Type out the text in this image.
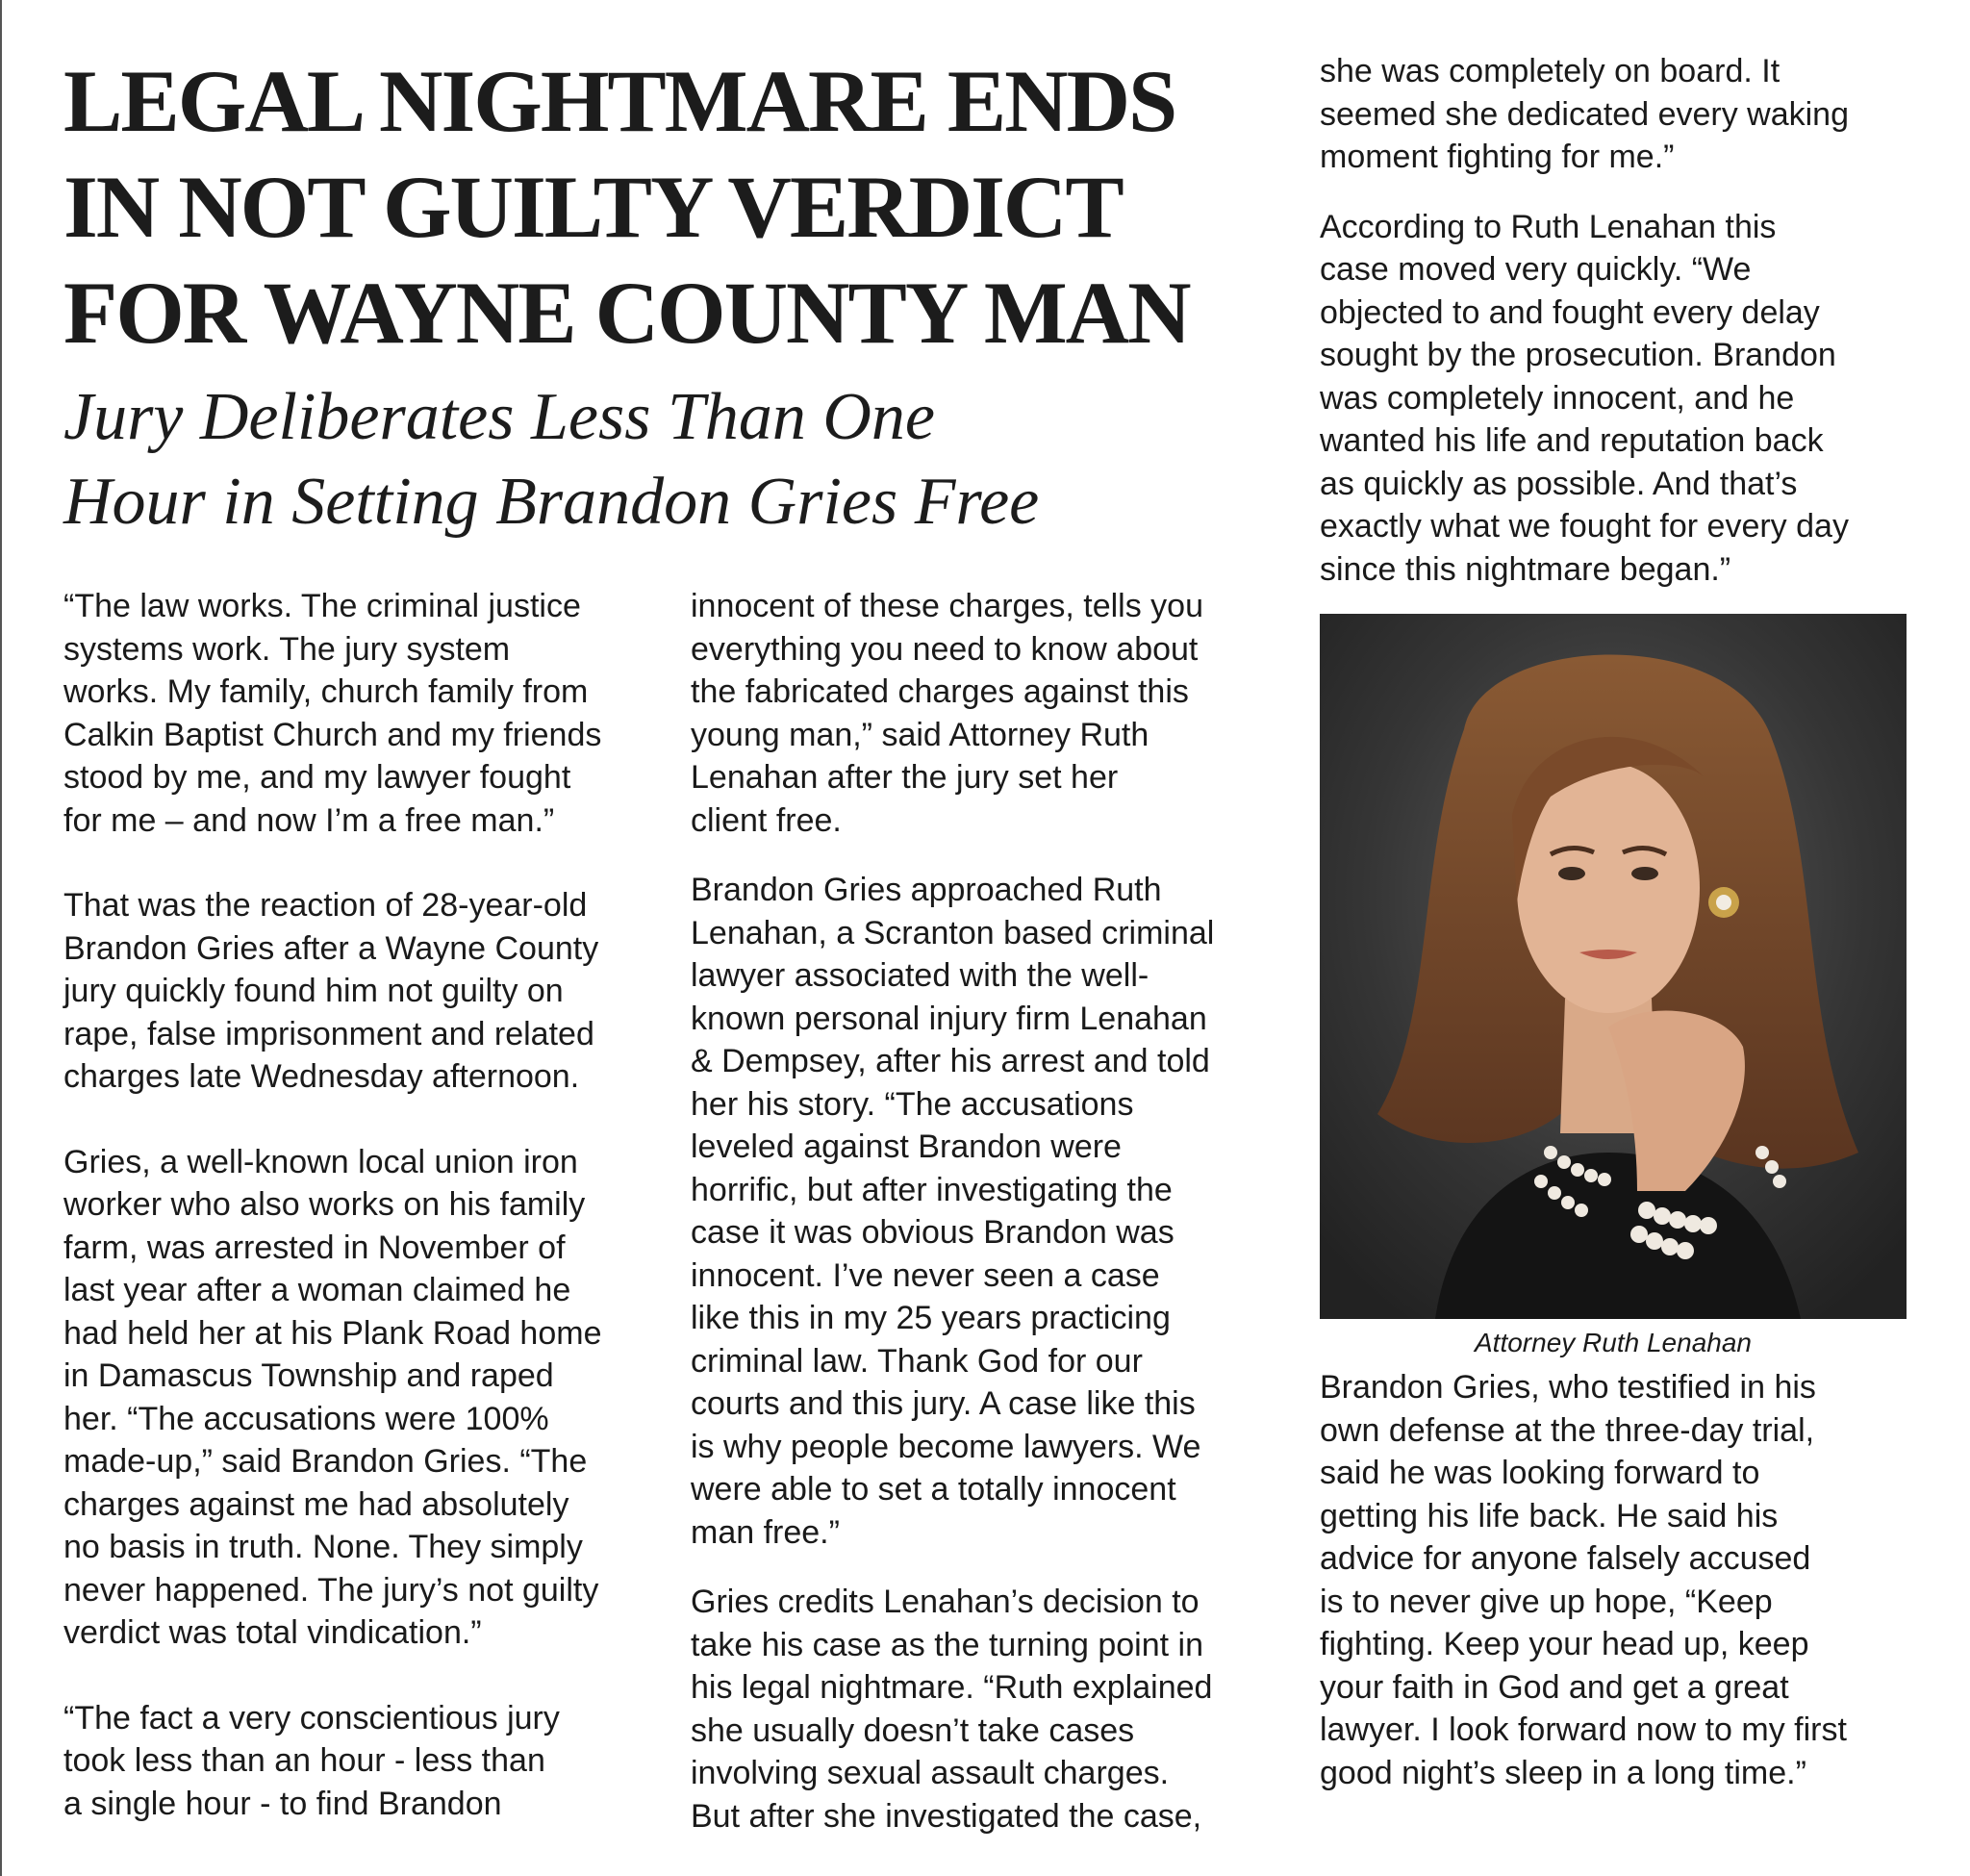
LEGAL NIGHTMARE ENDS
IN NOT GUILTY VERDICT
FOR WAYNE COUNTY MAN
Jury Deliberates Less Than One
Hour in Setting Brandon Gries Free

“The law works. The criminal justice
systems work. The jury system
works. My family, church family from
Calkin Baptist Church and my friends
stood by me, and my lawyer fought
for me – and now I’m a free man.”

That was the reaction of 28-year-old
Brandon Gries after a Wayne County
jury quickly found him not guilty on
rape, false imprisonment and related
charges late Wednesday afternoon.

Gries, a well-known local union iron
worker who also works on his family
farm, was arrested in November of
last year after a woman claimed he
had held her at his Plank Road home
in Damascus Township and raped
her. “The accusations were 100%
made-up,” said Brandon Gries. “The
charges against me had absolutely
no basis in truth. None. They simply
never happened. The jury’s not guilty
verdict was total vindication.”

“The fact a very conscientious jury
took less than an hour - less than
a single hour - to find Brandon

innocent of these charges, tells you
everything you need to know about
the fabricated charges against this
young man,” said Attorney Ruth
Lenahan after the jury set her
client free.

Brandon Gries approached Ruth
Lenahan, a Scranton based criminal
lawyer associated with the well-
known personal injury firm Lenahan
& Dempsey, after his arrest and told
her his story. “The accusations
leveled against Brandon were
horrific, but after investigating the
case it was obvious Brandon was
innocent. I’ve never seen a case
like this in my 25 years practicing
criminal law. Thank God for our
courts and this jury. A case like this
is why people become lawyers. We
were able to set a totally innocent
man free.”

Gries credits Lenahan’s decision to
take his case as the turning point in
his legal nightmare. “Ruth explained
she usually doesn’t take cases
involving sexual assault charges.
But after she investigated the case,

she was completely on board. It
seemed she dedicated every waking
moment fighting for me.”

According to Ruth Lenahan this
case moved very quickly. “We
objected to and fought every delay
sought by the prosecution. Brandon
was completely innocent, and he
wanted his life and reputation back
as quickly as possible. And that’s
exactly what we fought for every day
since this nightmare began.”

Attorney Ruth Lenahan

Brandon Gries, who testified in his
own defense at the three-day trial,
said he was looking forward to
getting his life back. He said his
advice for anyone falsely accused
is to never give up hope, “Keep
fighting. Keep your head up, keep
your faith in God and get a great
lawyer. I look forward now to my first
good night’s sleep in a long time.”
